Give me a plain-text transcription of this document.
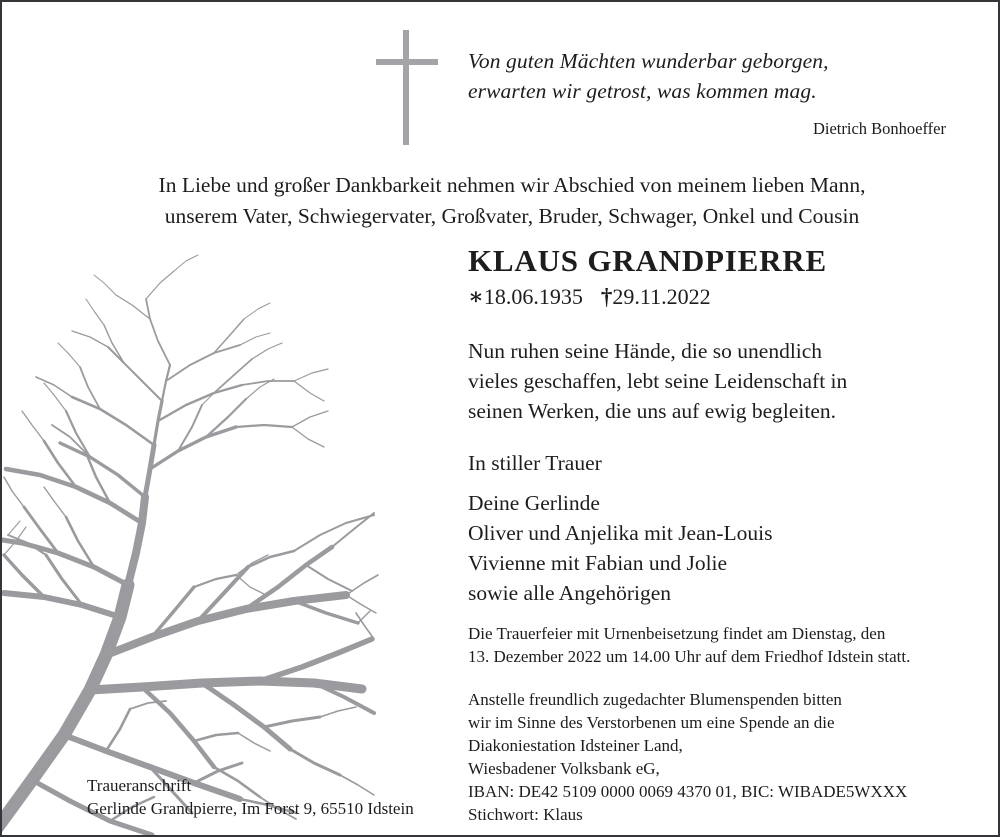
Von guten Mächten wunderbar geborgen,
erwarten wir getrost, was kommen mag.
Dietrich Bonhoeffer
In Liebe und großer Dankbarkeit nehmen wir Abschied von meinem lieben Mann,
unserem Vater, Schwiegervater, Großvater, Bruder, Schwager, Onkel und Cousin
KLAUS GRANDPIERRE
∗18.06.1935 †29.11.2022
Nun ruhen seine Hände, die so unendlich
vieles geschaffen, lebt seine Leidenschaft in
seinen Werken, die uns auf ewig begleiten.
In stiller Trauer
Deine Gerlinde
Oliver und Anjelika mit Jean-Louis
Vivienne mit Fabian und Jolie
sowie alle Angehörigen
Die Trauerfeier mit Urnenbeisetzung findet am Dienstag, den
13. Dezember 2022 um 14.00 Uhr auf dem Friedhof Idstein statt.
Anstelle freundlich zugedachter Blumenspenden bitten
wir im Sinne des Verstorbenen um eine Spende an die
Diakoniestation Idsteiner Land,
Wiesbadener Volksbank eG,
IBAN: DE42 5109 0000 0069 4370 01, BIC: WIBADE5WXXX
Stichwort: Klaus
Traueranschrift
Gerlinde Grandpierre, Im Forst 9, 65510 Idstein
